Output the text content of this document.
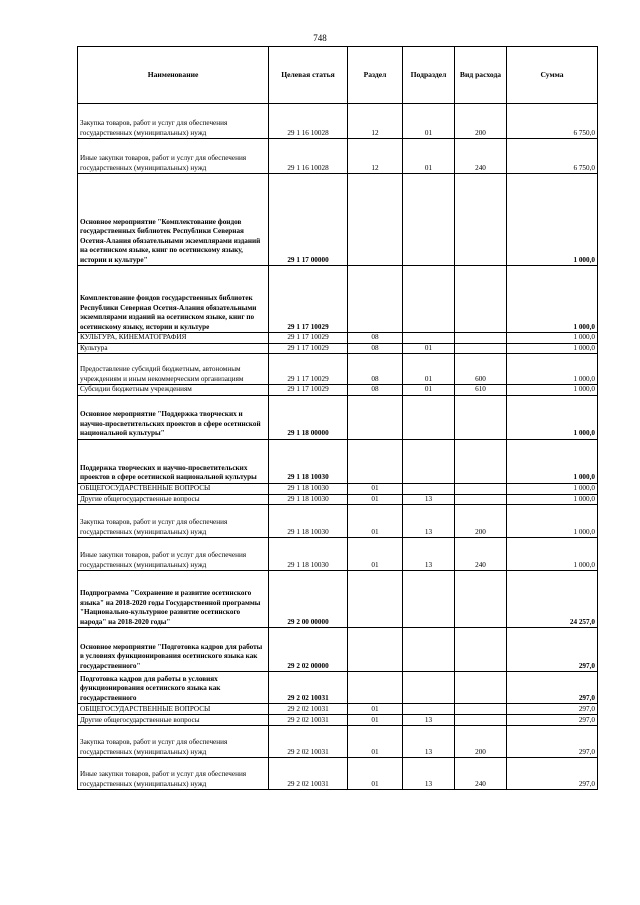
748
Наименование	Целевая статья	Раздел	Подраздел	Вид расхода	Сумма
Закупка товаров, работ и услуг для обеспечения государственных (муниципальных) нужд	29 1 16 10028	12	01	200	6 750,0
Иные закупки товаров, работ и услуг для обеспечения государственных (муниципальных) нужд	29 1 16 10028	12	01	240	6 750,0
Основное мероприятие "Комплектование фондов государственных библиотек Республики Северная Осетия-Алания обязательными экземплярами изданий на осетинском языке, книг по осетинскому языку, истории и культуре"	29 1 17 00000				1 000,0
Комплектование фондов государственных библиотек Республики Северная Осетия-Алания обязательными экземплярами изданий на осетинском языке, книг по осетинскому языку, истории и культуре	29 1 17 10029				1 000,0
КУЛЬТУРА, КИНЕМАТОГРАФИЯ	29 1 17 10029	08			1 000,0
Культура	29 1 17 10029	08	01		1 000,0
Предоставление субсидий бюджетным, автономным учреждениям и иным некоммерческим организациям	29 1 17 10029	08	01	600	1 000,0
Субсидии бюджетным учреждениям	29 1 17 10029	08	01	610	1 000,0
Основное мероприятие "Поддержка творческих и научно-просветительских проектов в сфере осетинской национальной культуры"	29 1 18 00000				1 000,0
Поддержка творческих и научно-просветительских проектов в сфере осетинской национальной культуры	29 1 18 10030				1 000,0
ОБЩЕГОСУДАРСТВЕННЫЕ ВОПРОСЫ	29 1 18 10030	01			1 000,0
Другие общегосударственные вопросы	29 1 18 10030	01	13		1 000,0
Закупка товаров, работ и услуг для обеспечения государственных (муниципальных) нужд	29 1 18 10030	01	13	200	1 000,0
Иные закупки товаров, работ и услуг для обеспечения государственных (муниципальных) нужд	29 1 18 10030	01	13	240	1 000,0
Подпрограмма "Сохранение и развитие осетинского языка" на 2018-2020 годы Государственной программы "Национально-культурное развитие осетинского народа" на 2018-2020 годы"	29 2 00 00000				24 257,0
Основное мероприятие "Подготовка кадров для работы в условиях функционирования осетинского языка как государственного"	29 2 02 00000				297,0
Подготовка кадров для работы в условиях функционирования осетинского языка как государственного	29 2 02 10031				297,0
ОБЩЕГОСУДАРСТВЕННЫЕ ВОПРОСЫ	29 2 02 10031	01			297,0
Другие общегосударственные вопросы	29 2 02 10031	01	13		297,0
Закупка товаров, работ и услуг для обеспечения государственных (муниципальных) нужд	29 2 02 10031	01	13	200	297,0
Иные закупки товаров, работ и услуг для обеспечения государственных (муниципальных) нужд	29 2 02 10031	01	13	240	297,0
